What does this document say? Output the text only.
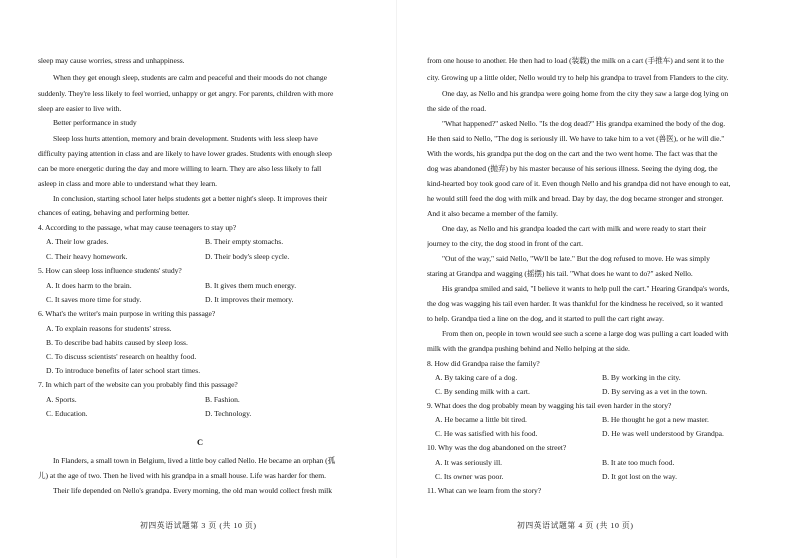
sleep may cause worries, stress and unhappiness.
When they get enough sleep, students are calm and peaceful and their moods do not change
suddenly. They're less likely to feel worried, unhappy or get angry. For parents, children with more
sleep are easier to live with.
Better performance in study
Sleep loss hurts attention, memory and brain development. Students with less sleep have
difficulty paying attention in class and are likely to have lower grades. Students with enough sleep
can be more energetic during the day and more willing to learn. They are also less likely to fall
asleep in class and more able to understand what they learn.
In conclusion, starting school later helps students get a better night's sleep. It improves their
chances of eating, behaving and performing better.
4. According to the passage, what may cause teenagers to stay up?
A. Their low grades.	B. Their empty stomachs.
C. Their heavy homework.	D. Their body's sleep cycle.
5. How can sleep loss influence students' study?
A. It does harm to the brain.	B. It gives them much energy.
C. It saves more time for study.	D. It improves their memory.
6. What's the writer's main purpose in writing this passage?
A. To explain reasons for students' stress.
B. To describe bad habits caused by sleep loss.
C. To discuss scientists' research on healthy food.
D. To introduce benefits of later school start times.
7. In which part of the website can you probably find this passage?
A. Sports.	B. Fashion.
C. Education.	D. Technology.
C
In Flanders, a small town in Belgium, lived a little boy called Nello. He became an orphan (孤
儿) at the age of two. Then he lived with his grandpa in a small house. Life was harder for them.
Their life depended on Nello's grandpa. Every morning, the old man would collect fresh milk
初四英语试题第 3 页 (共 10 页)
from one house to another. He then had to load (装载) the milk on a cart (手推车) and sent it to the
city. Growing up a little older, Nello would try to help his grandpa to travel from Flanders to the city.
One day, as Nello and his grandpa were going home from the city they saw a large dog lying on
the side of the road.
"What happened?" asked Nello. "Is the dog dead?" His grandpa examined the body of the dog.
He then said to Nello, "The dog is seriously ill. We have to take him to a vet (兽医), or he will die."
With the words, his grandpa put the dog on the cart and the two went home. The fact was that the
dog was abandoned (抛弃) by his master because of his serious illness. Seeing the dying dog, the
kind-hearted boy took good care of it. Even though Nello and his grandpa did not have enough to eat,
he would still feed the dog with milk and bread. Day by day, the dog became stronger and stronger.
And it also became a member of the family.
One day, as Nello and his grandpa loaded the cart with milk and were ready to start their
journey to the city, the dog stood in front of the cart.
"Out of the way," said Nello, "We'll be late." But the dog refused to move. He was simply
staring at Grandpa and wagging (摇摆) his tail. "What does he want to do?" asked Nello.
His grandpa smiled and said, "I believe it wants to help pull the cart." Hearing Grandpa's words,
the dog was wagging his tail even harder. It was thankful for the kindness he received, so it wanted
to help. Grandpa tied a line on the dog, and it started to pull the cart right away.
From then on, people in town would see such a scene a large dog was pulling a cart loaded with
milk with the grandpa pushing behind and Nello helping at the side.
8. How did Grandpa raise the family?
A. By taking care of a dog.	B. By working in the city.
C. By sending milk with a cart.	D. By serving as a vet in the town.
9. What does the dog probably mean by wagging his tail even harder in the story?
A. He became a little bit tired.	B. He thought he got a new master.
C. He was satisfied with his food.	D. He was well understood by Grandpa.
10. Why was the dog abandoned on the street?
A. It was seriously ill.	B. It ate too much food.
C. Its owner was poor.	D. It got lost on the way.
11. What can we learn from the story?
初四英语试题第 4 页 (共 10 页)
